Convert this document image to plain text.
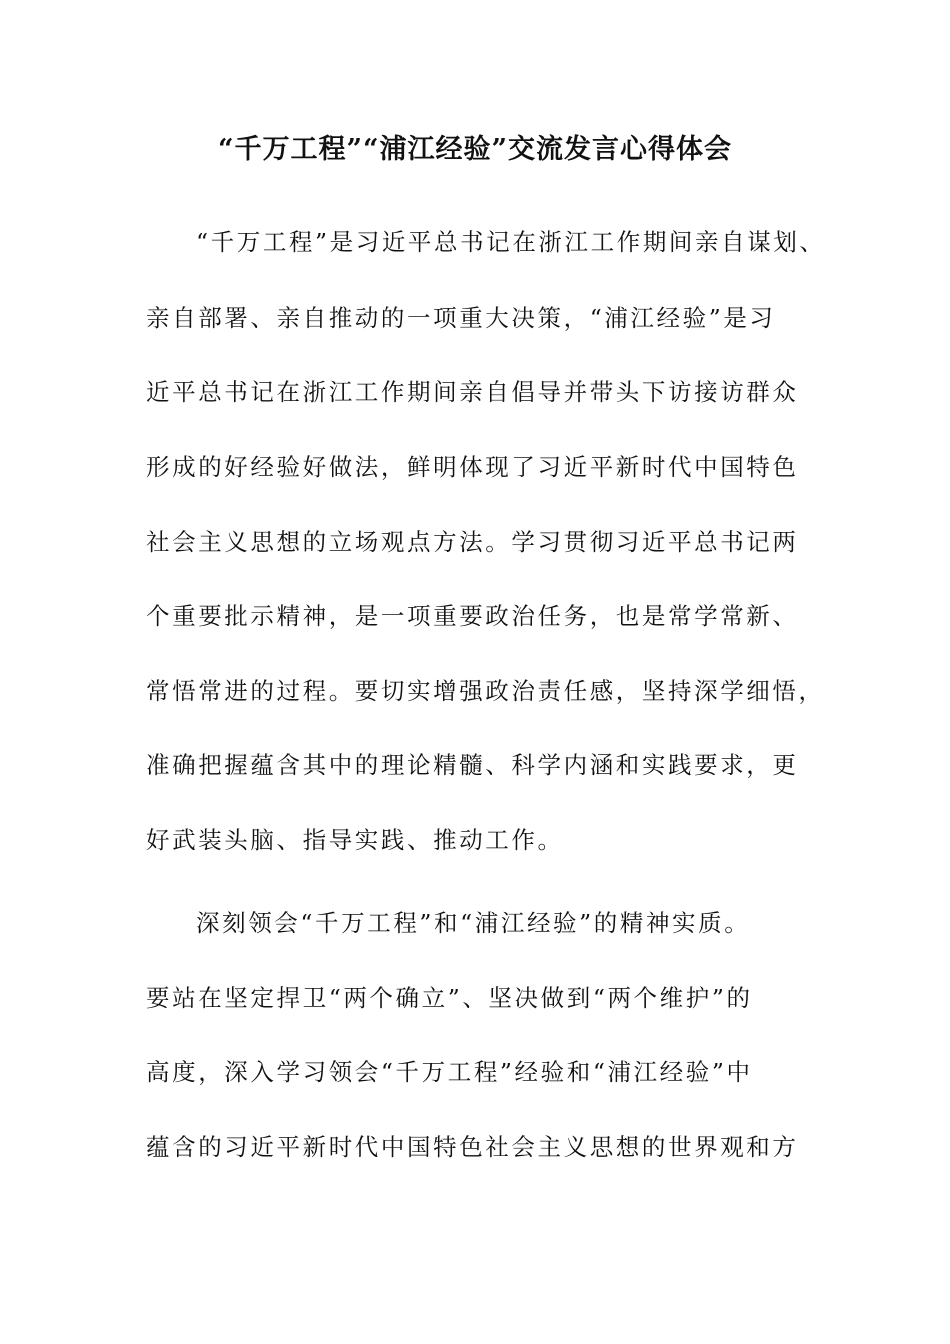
“千万工程”“浦江经验”交流发言心得体会
“千万工程”是习近平总书记在浙江工作期间亲自谋划、
亲自部署、亲自推动的一项重大决策，“浦江经验”是习
近平总书记在浙江工作期间亲自倡导并带头下访接访群众
形成的好经验好做法，鲜明体现了习近平新时代中国特色
社会主义思想的立场观点方法。学习贯彻习近平总书记两
个重要批示精神，是一项重要政治任务，也是常学常新、
常悟常进的过程。要切实增强政治责任感，坚持深学细悟，
准确把握蕴含其中的理论精髓、科学内涵和实践要求，更
好武装头脑、指导实践、推动工作。
深刻领会“千万工程”和“浦江经验”的精神实质。
要站在坚定捍卫“两个确立”、坚决做到“两个维护”的
高度，深入学习领会“千万工程”经验和“浦江经验”中
蕴含的习近平新时代中国特色社会主义思想的世界观和方
